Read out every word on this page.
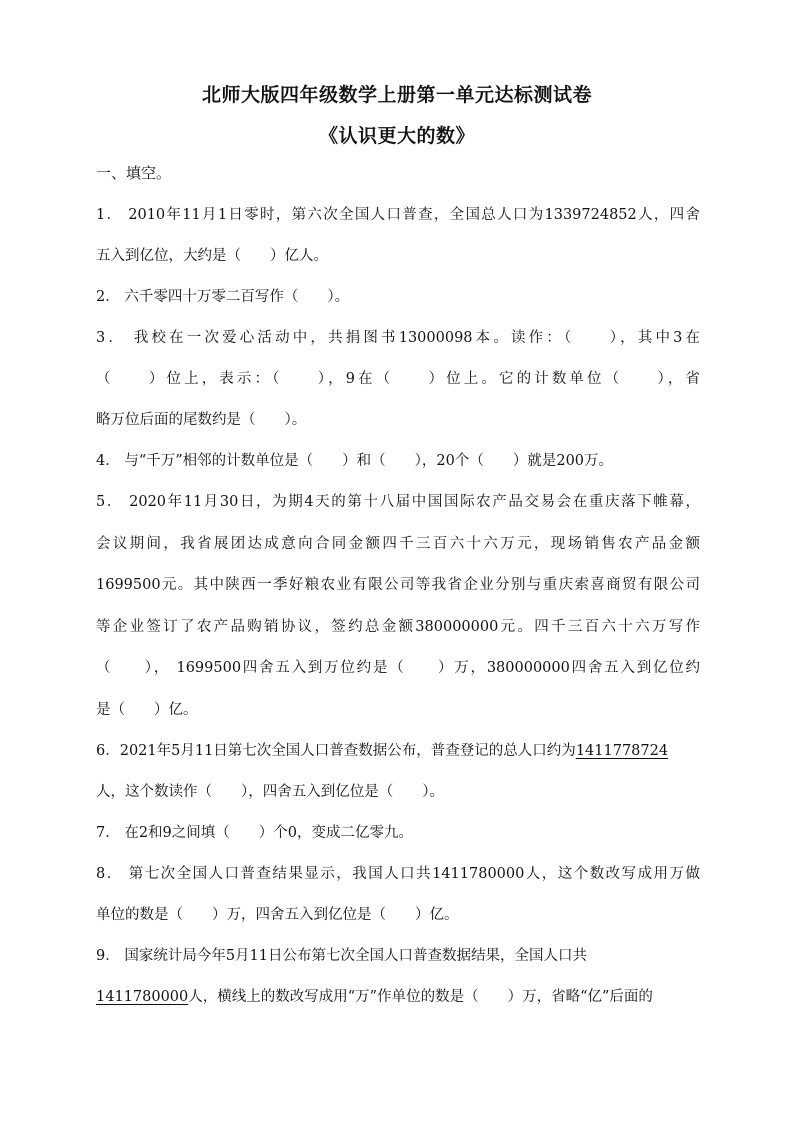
北师大版四年级数学上册第一单元达标测试卷
《认识更大的数》
一、填空。
1． 2010年11月1日零时，第六次全国人口普查，全国总人口为1339724852人，四舍
五入到亿位，大约是（　　）亿人。
2． 六千零四十万零二百写作（　　）。
3． 我校在一次爱心活动中，共捐图书13000098本。读作：（　　），其中3在
（　　）位上，表示：（　　），9在（　　）位上。它的计数单位（　　），省
略万位后面的尾数约是（　　）。
4． 与“千万”相邻的计数单位是（　　）和（　　），20个（　　）就是200万。
5． 2020年11月30日，为期4天的第十八届中国国际农产品交易会在重庆落下帷幕，
会议期间，我省展团达成意向合同金额四千三百六十六万元，现场销售农产品金额
1699500元。其中陕西一季好粮农业有限公司等我省企业分别与重庆索喜商贸有限公司
等企业签订了农产品购销协议，签约总金额380000000元。四千三百六十六万写作
（　　）， 1699500四舍五入到万位约是（　　）万，380000000四舍五入到亿位约
是（　　）亿。
6．2021年5月11日第七次全国人口普查数据公布，普查登记的总人口约为1411778724
人，这个数读作（　　），四舍五入到亿位是（　　）。
7． 在2和9之间填（　　）个0，变成二亿零九。
8． 第七次全国人口普查结果显示，我国人口共1411780000人，这个数改写成用万做
单位的数是（　　）万，四舍五入到亿位是（　　）亿。
9． 国家统计局今年5月11日公布第七次全国人口普查数据结果，全国人口共
1411780000人，横线上的数改写成用“万”作单位的数是（　　）万，省略“亿”后面的
